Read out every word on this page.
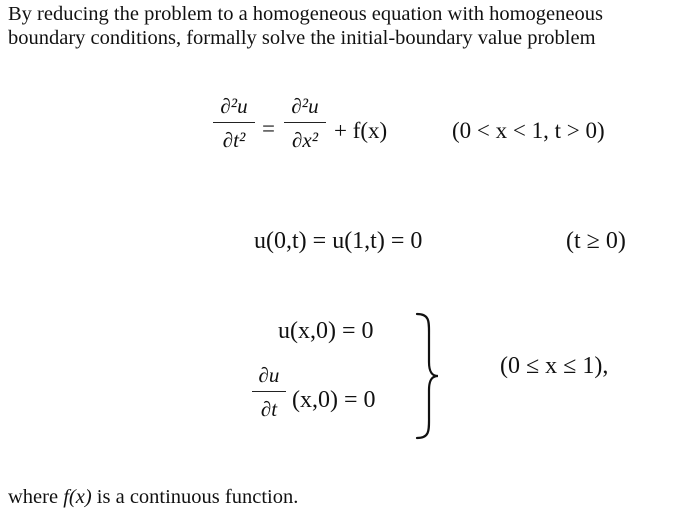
By reducing the problem to a homogeneous equation with homogeneous
boundary conditions, formally solve the initial-boundary value problem

∂²u
∂t² =
∂²u
∂x² + f(x)	(0 < x < 1, t > 0)
u(0,t) = u(1,t) = 0	(t ≥ 0)
u(x,0) = 0
∂u
∂t (x,0) = 0
(0 ≤ x ≤ 1),

where f(x) is a continuous function.
